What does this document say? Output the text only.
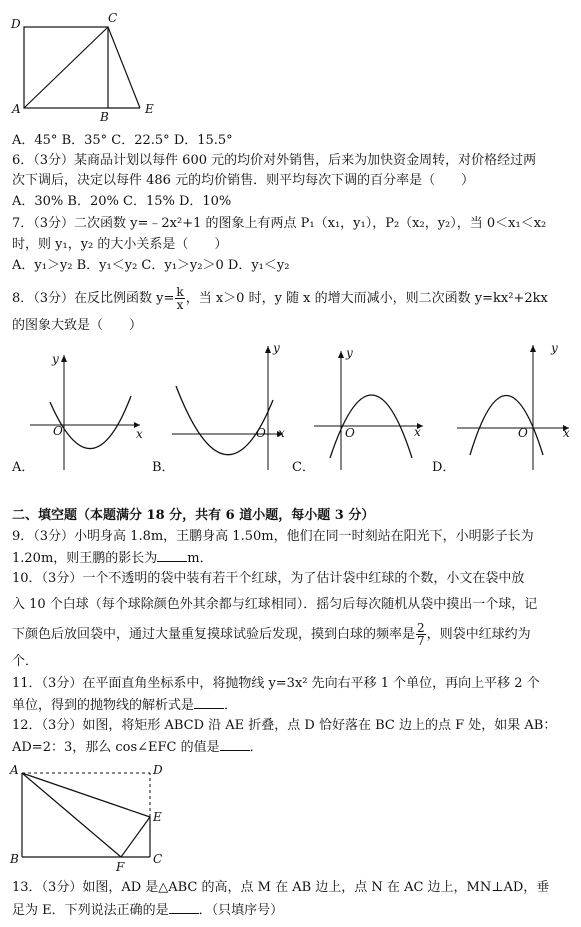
D	C
A
B
E
A．45° B．35° C．22.5° D．15.5°
6．（3分）某商品计划以每件 600 元的均价对外销售，后来为加快资金周转，对价格经过两
次下调后，决定以每件 486 元的均价销售．则平均每次下调的百分率是（　　）
A．30% B．20% C．15% D．10%
7．（3分）二次函数 y=﹣2x²+1 的图象上有两点 P₁（x₁，y₁），P₂（x₂，y₂），当 0＜x₁＜x₂
时，则 y₁，y₂ 的大小关系是（　　）
A．y₁＞y₂ B．y₁＜y₂ C．y₁＞y₂＞0 D．y₁＜y₂
8．（3分）在反比例函数 $y= \frac{k}{x}$ ，当 x＞0 时，y 随 x 的增大而减小，则二次函数 y=kx²+2kx
的图象大致是（　　）
y
x
O
y
x
O
y
x
O
y
x
O
A．	B．	C．	D．
二、填空题（本题满分 18 分，共有 6 道小题，每小题 3 分）
9．（3分）小明身高 1.8m，王鹏身高 1.50m，他们在同一时刻站在阳光下，小明影子长为
1.20m，则王鹏的影长为 m．
10．（3分）一个不透明的袋中装有若干个红球，为了估计袋中红球的个数，小文在袋中放
入 10 个白球（每个球除颜色外其余都与红球相同）．摇匀后每次随机从袋中摸出一个球，记
下颜色后放回袋中，通过大量重复摸球试验后发现，摸到白球的频率是 $\frac{2}{7}$ ，则袋中红球约为
个．
11．（3分）在平面直角坐标系中，将抛物线 y=3x² 先向右平移 1 个单位，再向上平移 2 个
单位，得到的抛物线的解析式是 ．
12．（3分）如图，将矩形 ABCD 沿 AE 折叠，点 D 恰好落在 BC 边上的点 F 处，如果 AB：
AD=2：3，那么 cos∠EFC 的值是 ．
A	D
E
B
F
C
13．（3分）如图，AD 是△ABC 的高，点 M 在 AB 边上，点 N 在 AC 边上，MN⊥AD，垂
足为 E．下列说法正确的是 ．（只填序号）
